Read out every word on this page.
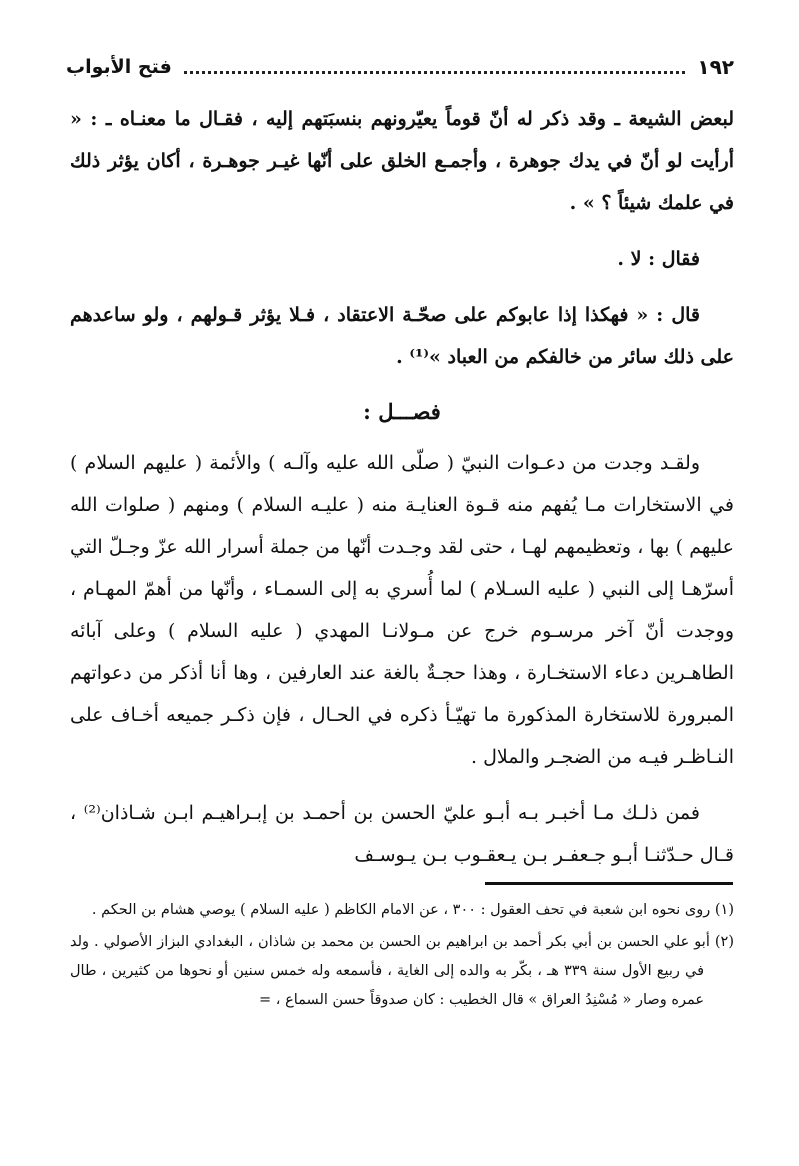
١٩٢
فتح الأبواب

لبعض الشيعة ـ وقد ذكر له أنّ قوماً يعيّرونهم بنسبَتهم إليه ، فقـال ما معنـاه ـ : « أرأيت لو أنّ في يدك جوهرة ، وأجمـع الخلق على أنّها غيـر جوهـرة ، أكان يؤثر ذلك في علمك شيئاً ؟ » .

فقال : لا .

قال : « فهكذا إذا عابوكم على صحّـة الاعتقاد ، فـلا يؤثر قـولهم ، ولو ساعدهم على ذلك سائر من خالفكم من العباد »⁽¹⁾ .

فصـــل :

ولقـد وجدت من دعـوات النبيّ ( صلّى الله عليه وآلـه ) والأئمة ( عليهم السلام ) في الاستخارات مـا يُفهم منه قـوة العنايـة منه ( عليـه السلام ) ومنهم ( صلوات الله عليهم ) بها ، وتعظيمهم لهـا ، حتى لقد وجـدت أنّها من جملة أسرار الله عزّ وجـلّ التي أسرّهـا إلى النبي ( عليه السـلام ) لما أُسري به إلى السمـاء ، وأنّها من أهمّ المهـام ، ووجدت أنّ آخر مرسـوم خرج عن مـولانـا المهدي ( عليه السلام ) وعلى آبائه الطاهـرين دعاء الاستخـارة ، وهذا حجـةٌ بالغة عند العارفين ، وها أنا أذكر من دعواتهم المبرورة للاستخارة المذكورة ما تهيّـأ ذكره في الحـال ، فإن ذكـر جميعه أخـاف على النـاظـر فيـه من الضجـر والملال .

فمن ذلـك مـا أخبـر بـه أبـو عليّ الحسن بن أحمـد بن إبـراهيـم ابـن شـاذان⁽²⁾ ، قـال حـدّثنـا أبـو جـعفـر بـن يـعقـوب بـن يـوسـف

(١) روى نحوه ابن شعبة في تحف العقول : ٣٠٠ ، عن الامام الكاظم ( عليه السلام ) يوصي هشام بن الحكم .

(٢) أبو علي الحسن بن أبي بكر أحمد بن ابراهيم بن الحسن بن محمد بن شاذان ، البغدادي البزاز الأصولي . ولد في ربيع الأول سنة ٣٣٩ هـ ، بكّر به والده إلى الغاية ، فأسمعه وله خمس سنين أو نحوها من كثيرين ، طال عمره وصار « مُسْنِدُ العراق » قال الخطيب : كان صدوقاً حسن السماع ، =
